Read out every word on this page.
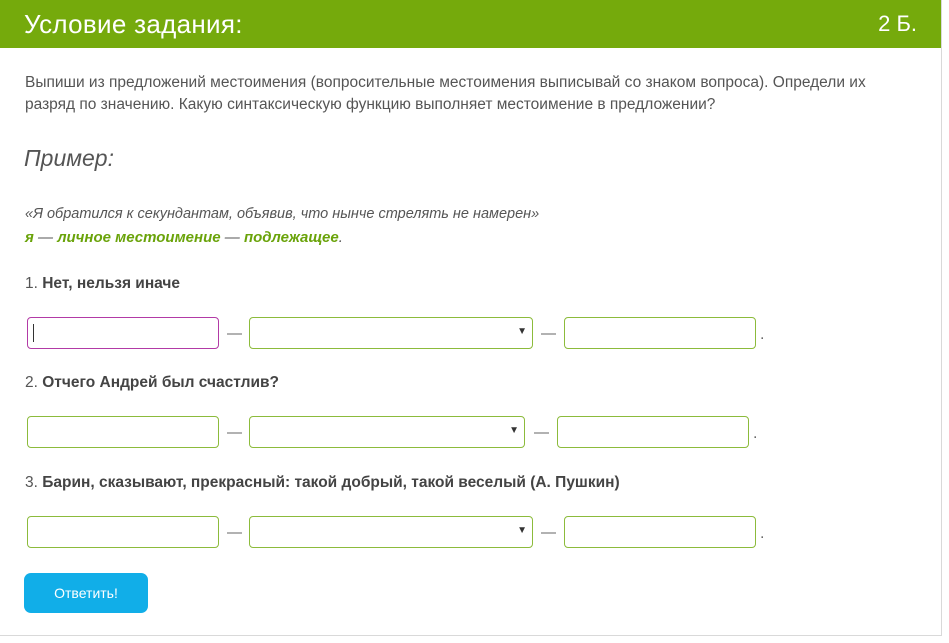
Условие задания:	2 Б.
Выпиши из предложений местоимения (вопросительные местоимения выписывай со знаком вопроса). Определи их разряд по значению. Какую синтаксическую функцию выполняет местоимение в предложении?
Пример:
«Я обратился к секундантам, объявив, что нынче стрелять не намерен»
я — личное местоимение — подлежащее.
1. Нет, нельзя иначе
—	▼ —	.
2. Отчего Андрей был счастлив?
—	▼ —	.
3. Барин, сказывают, прекрасный: такой добрый, такой веселый (А. Пушкин)
—	▼ —	.
Ответить!
